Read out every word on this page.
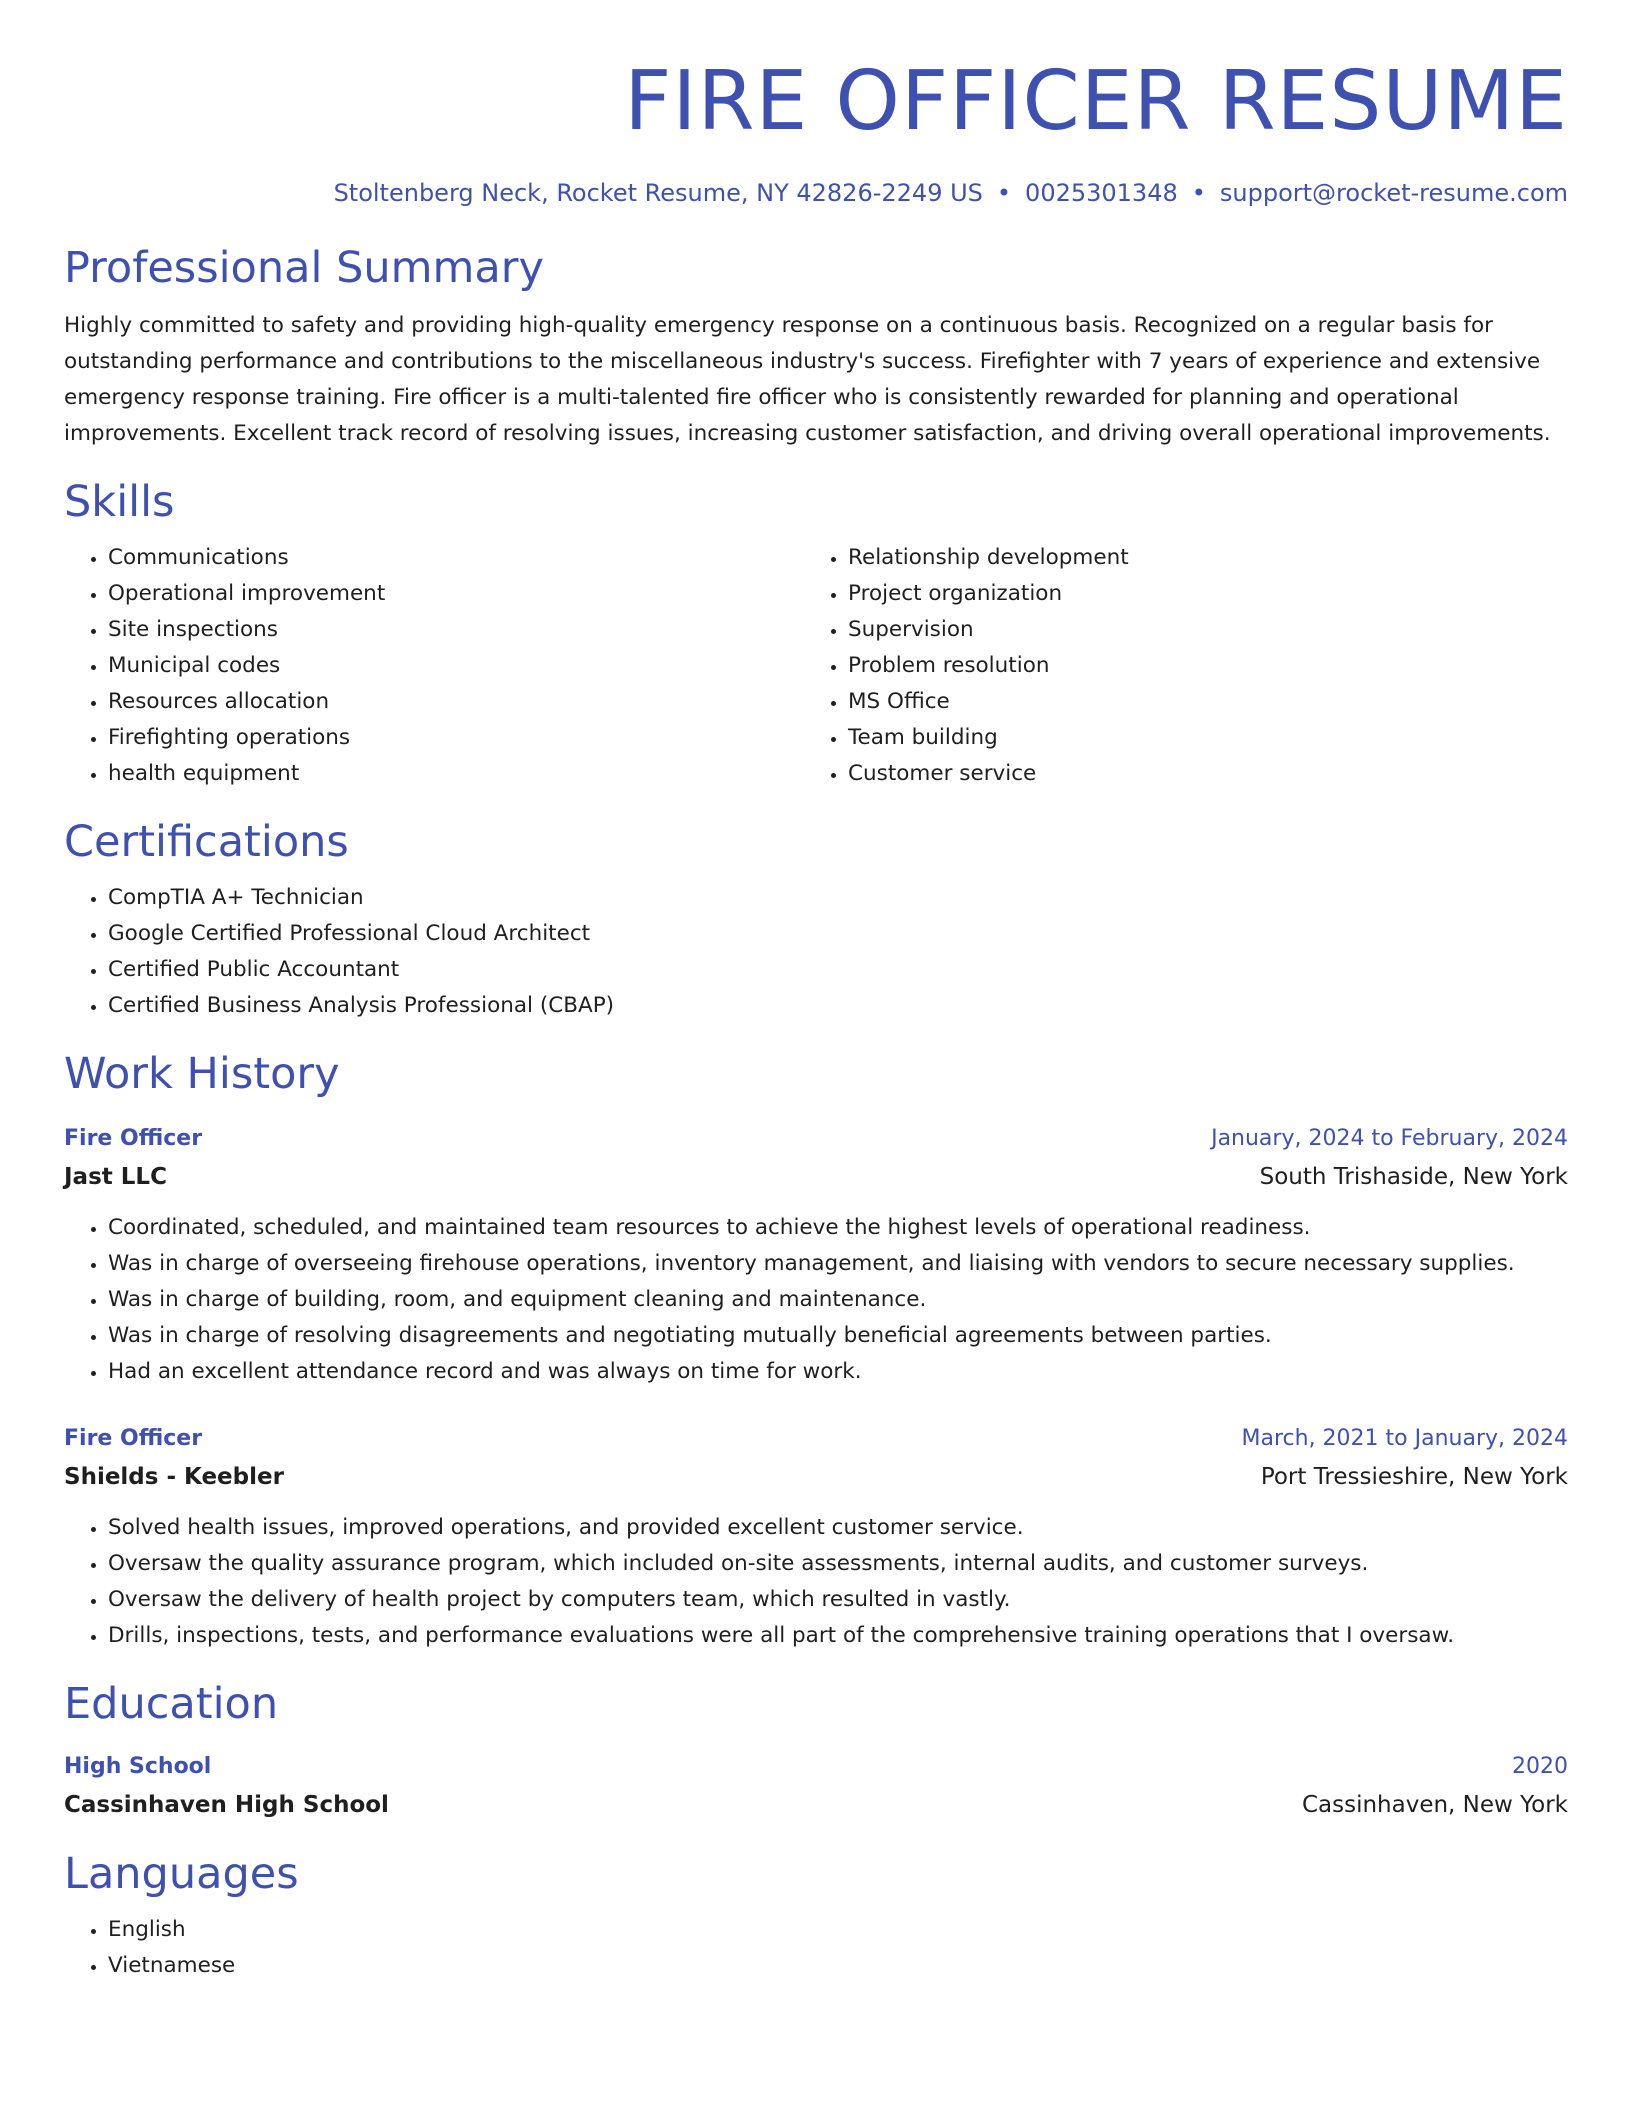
FIRE OFFICER RESUME
Stoltenberg Neck, Rocket Resume, NY 42826-2249 US • 0025301348 • support@rocket-resume.com
Professional Summary

Highly committed to safety and providing high-quality emergency response on a continuous basis. Recognized on a regular basis for outstanding performance and contributions to the miscellaneous industry's success. Firefighter with 7 years of experience and extensive emergency response training. Fire officer is a multi-talented fire officer who is consistently rewarded for planning and operational improvements. Excellent track record of resolving issues, increasing customer satisfaction, and driving overall operational improvements.

Skills
• Communications
• Operational improvement
• Site inspections
• Municipal codes
• Resources allocation
• Firefighting operations
• health equipment
• Relationship development
• Project organization
• Supervision
• Problem resolution
• MS Office
• Team building
• Customer service
Certifications
• CompTIA A+ Technician
• Google Certified Professional Cloud Architect
• Certified Public Accountant
• Certified Business Analysis Professional (CBAP)
Work History
Fire Officer	January, 2024 to February, 2024
Jast LLC	South Trishaside, New York
• Coordinated, scheduled, and maintained team resources to achieve the highest levels of operational readiness.
• Was in charge of overseeing firehouse operations, inventory management, and liaising with vendors to secure necessary supplies.
• Was in charge of building, room, and equipment cleaning and maintenance.
• Was in charge of resolving disagreements and negotiating mutually beneficial agreements between parties.
• Had an excellent attendance record and was always on time for work.
Fire Officer	March, 2021 to January, 2024
Shields - Keebler	Port Tressieshire, New York
• Solved health issues, improved operations, and provided excellent customer service.
• Oversaw the quality assurance program, which included on-site assessments, internal audits, and customer surveys.
• Oversaw the delivery of health project by computers team, which resulted in vastly.
• Drills, inspections, tests, and performance evaluations were all part of the comprehensive training operations that I oversaw.
Education
High School	2020
Cassinhaven High School	Cassinhaven, New York
Languages
• English
• Vietnamese
